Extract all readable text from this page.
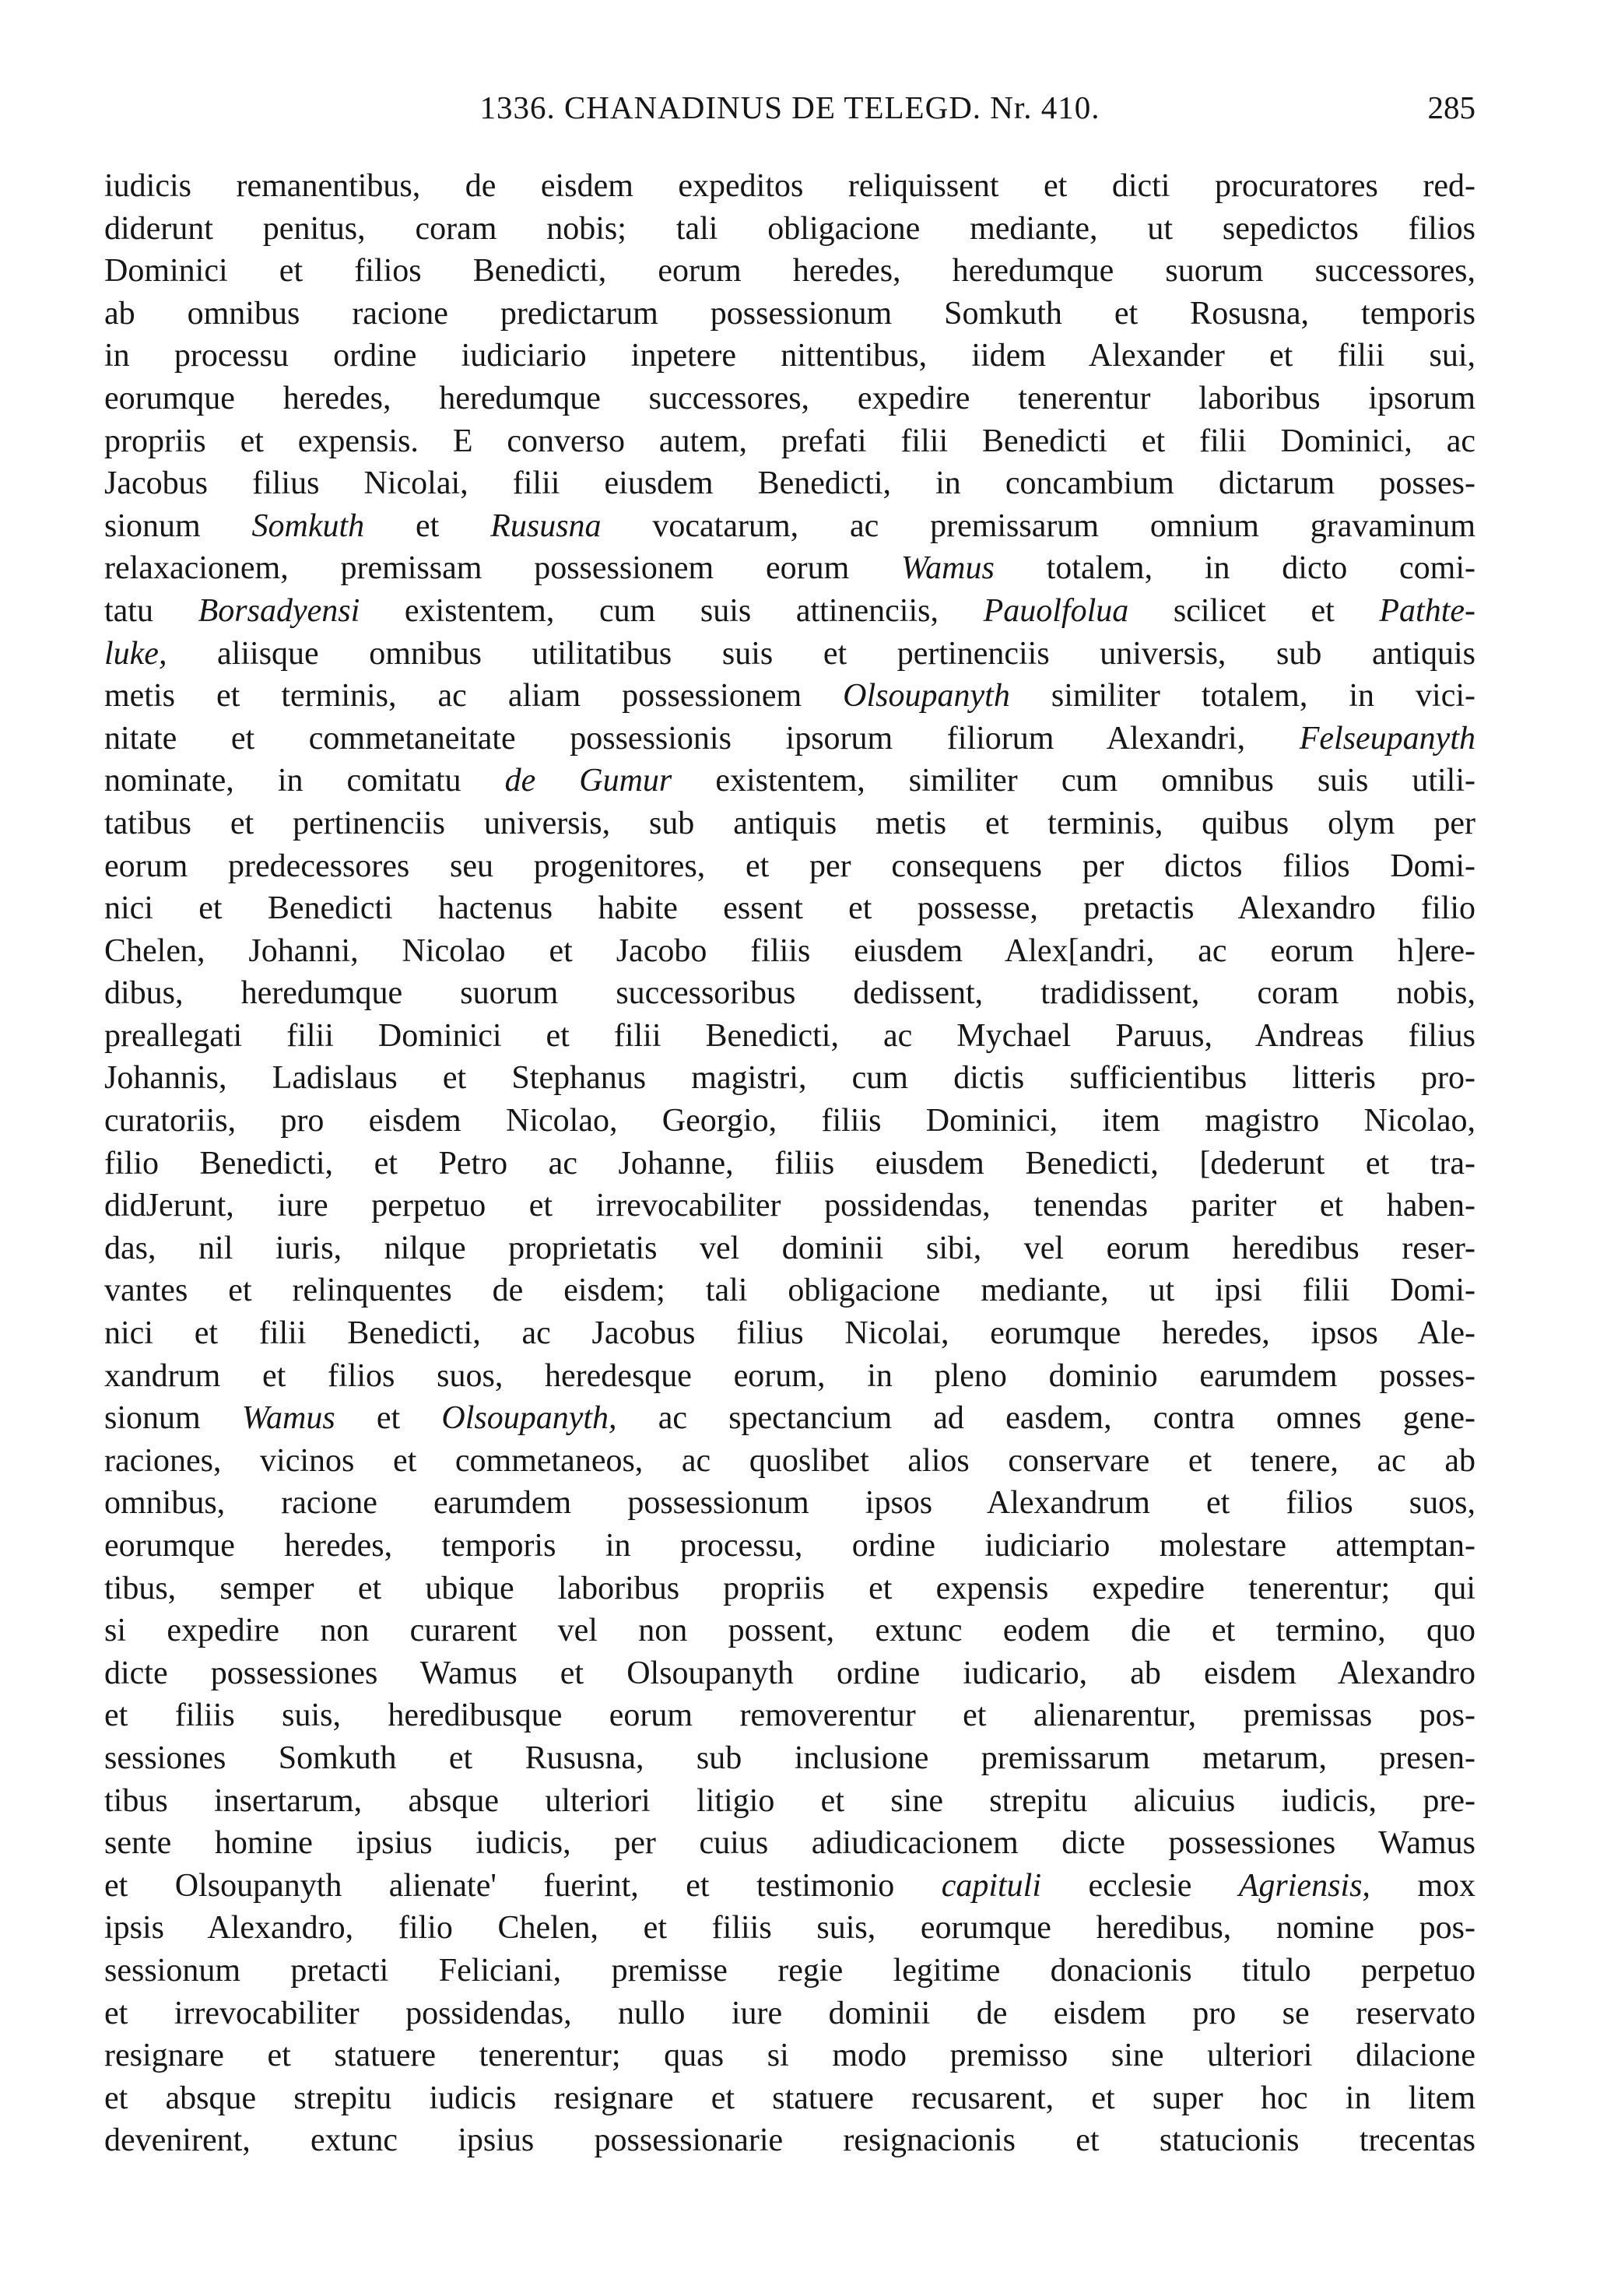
1336. CHANADINUS DE TELEGD. Nr. 410.	285
iudicis remanentibus, de eisdem expeditos reliquissent et dicti procuratores red-
diderunt penitus, coram nobis; tali obligacione mediante, ut sepedictos filios
Dominici et filios Benedicti, eorum heredes, heredumque suorum successores,
ab omnibus racione predictarum possessionum Somkuth et Rosusna, temporis
in processu ordine iudiciario inpetere nittentibus, iidem Alexander et filii sui,
eorumque heredes, heredumque successores, expedire tenerentur laboribus ipsorum
propriis et expensis. E converso autem, prefati filii Benedicti et filii Dominici, ac
Jacobus filius Nicolai, filii eiusdem Benedicti, in concambium dictarum posses-
sionum Somkuth et Rususna vocatarum, ac premissarum omnium gravaminum
relaxacionem, premissam possessionem eorum Wamus totalem, in dicto comi-
tatu Borsadyensi existentem, cum suis attinenciis, Pauolfolua scilicet et Pathte-
luke, aliisque omnibus utilitatibus suis et pertinenciis universis, sub antiquis
metis et terminis, ac aliam possessionem Olsoupanyth similiter totalem, in vici-
nitate et commetaneitate possessionis ipsorum filiorum Alexandri, Felseupanyth
nominate, in comitatu de Gumur existentem, similiter cum omnibus suis utili-
tatibus et pertinenciis universis, sub antiquis metis et terminis, quibus olym per
eorum predecessores seu progenitores, et per consequens per dictos filios Domi-
nici et Benedicti hactenus habite essent et possesse, pretactis Alexandro filio
Chelen, Johanni, Nicolao et Jacobo filiis eiusdem Alex[andri, ac eorum h]ere-
dibus, heredumque suorum successoribus dedissent, tradidissent, coram nobis,
preallegati filii Dominici et filii Benedicti, ac Mychael Paruus, Andreas filius
Johannis, Ladislaus et Stephanus magistri, cum dictis sufficientibus litteris pro-
curatoriis, pro eisdem Nicolao, Georgio, filiis Dominici, item magistro Nicolao,
filio Benedicti, et Petro ac Johanne, filiis eiusdem Benedicti, [dederunt et tra-
didJerunt, iure perpetuo et irrevocabiliter possidendas, tenendas pariter et haben-
das, nil iuris, nilque proprietatis vel dominii sibi, vel eorum heredibus reser-
vantes et relinquentes de eisdem; tali obligacione mediante, ut ipsi filii Domi-
nici et filii Benedicti, ac Jacobus filius Nicolai, eorumque heredes, ipsos Ale-
xandrum et filios suos, heredesque eorum, in pleno dominio earumdem posses-
sionum Wamus et Olsoupanyth, ac spectancium ad easdem, contra omnes gene-
raciones, vicinos et commetaneos, ac quoslibet alios conservare et tenere, ac ab
omnibus, racione earumdem possessionum ipsos Alexandrum et filios suos,
eorumque heredes, temporis in processu, ordine iudiciario molestare attemptan-
tibus, semper et ubique laboribus propriis et expensis expedire tenerentur; qui
si expedire non curarent vel non possent, extunc eodem die et termino, quo
dicte possessiones Wamus et Olsoupanyth ordine iudicario, ab eisdem Alexandro
et filiis suis, heredibusque eorum removerentur et alienarentur, premissas pos-
sessiones Somkuth et Rususna, sub inclusione premissarum metarum, presen-
tibus insertarum, absque ulteriori litigio et sine strepitu alicuius iudicis, pre-
sente homine ipsius iudicis, per cuius adiudicacionem dicte possessiones Wamus
et Olsoupanyth alienate' fuerint, et testimonio capituli ecclesie Agriensis, mox
ipsis Alexandro, filio Chelen, et filiis suis, eorumque heredibus, nomine pos-
sessionum pretacti Feliciani, premisse regie legitime donacionis titulo perpetuo
et irrevocabiliter possidendas, nullo iure dominii de eisdem pro se reservato
resignare et statuere tenerentur; quas si modo premisso sine ulteriori dilacione
et absque strepitu iudicis resignare et statuere recusarent, et super hoc in litem
devenirent, extunc ipsius possessionarie resignacionis et statucionis trecentas
